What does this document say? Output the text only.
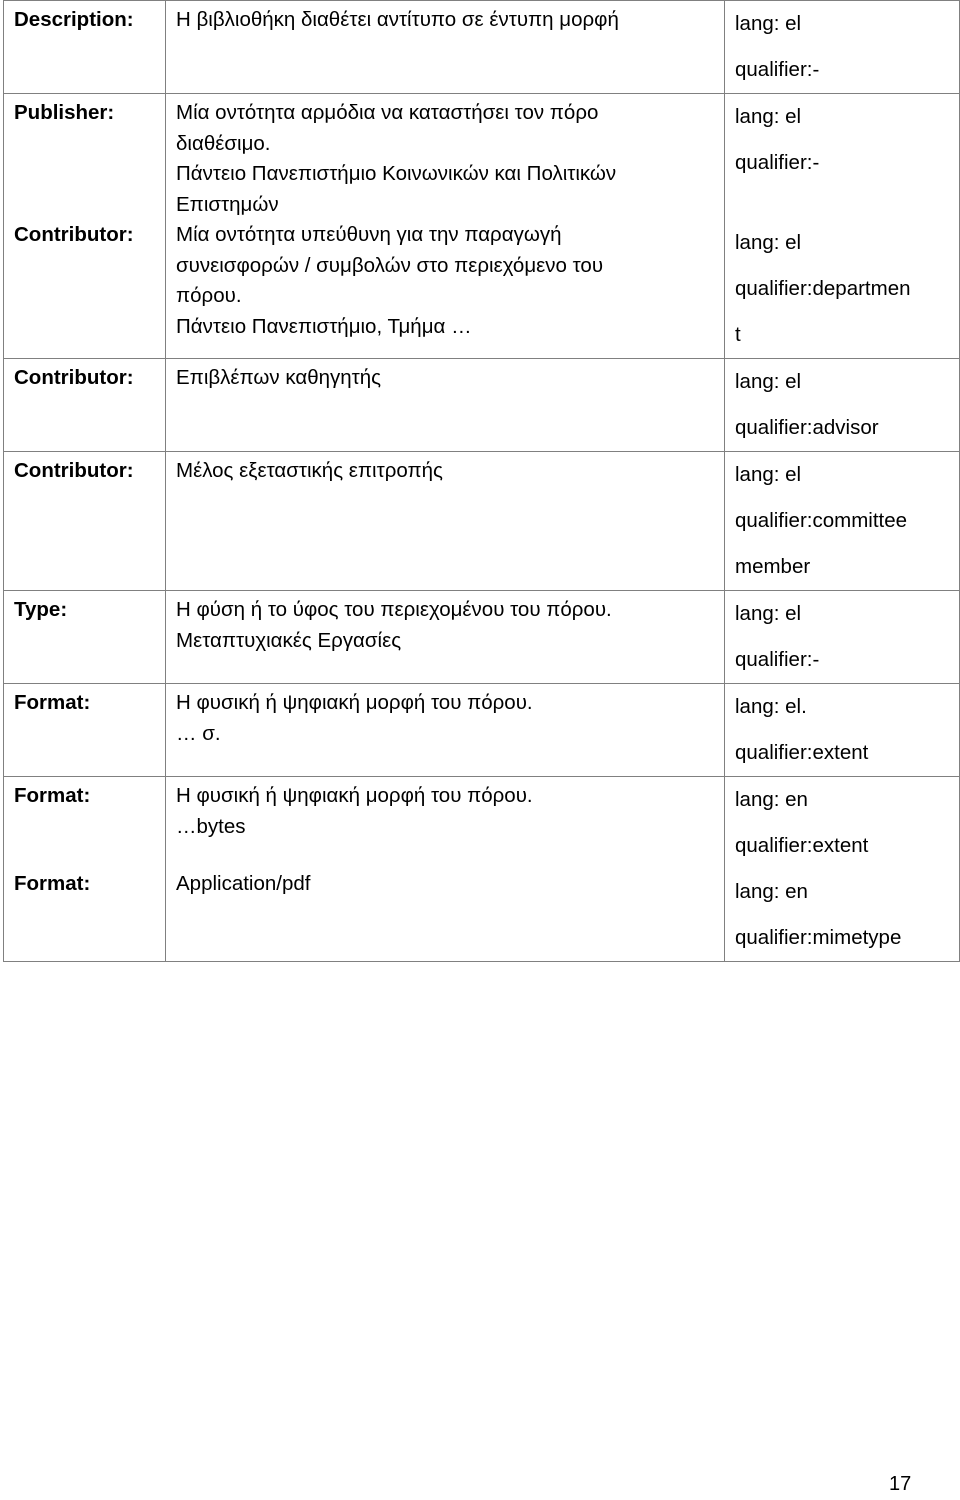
Description:	Η βιβλιοθήκη διαθέτει αντίτυπο σε έντυπη μορφή	lang: el
qualifier:-

Publisher:	Μία οντότητα αρμόδια να καταστήσει τον πόρο
διαθέσιμο.
Πάντειο Πανεπιστήμιο Κοινωνικών και Πολιτικών
Επιστημών	lang: el
qualifier:-

Contributor:	Μία οντότητα υπεύθυνη για την παραγωγή
συνεισφορών / συμβολών στο περιεχόμενο του
πόρου.
Πάντειο Πανεπιστήμιο, Τμήμα …	lang: el
qualifier:departmen
t

Contributor:	Επιβλέπων καθηγητής	lang: el
qualifier:advisor

Contributor:	Μέλος εξεταστικής επιτροπής	lang: el
qualifier:committee
member

Type:	Η φύση ή το ύφος του περιεχομένου του πόρου.
Μεταπτυχιακές Εργασίες	lang: el
qualifier:-

Format:	Η φυσική ή ψηφιακή μορφή του πόρου.
… σ.	lang: el.
qualifier:extent

Format:	Η φυσική ή ψηφιακή μορφή του πόρου.
…bytes	lang: en
qualifier:extent

Format:	Application/pdf	lang: en
qualifier:mimetype
17
